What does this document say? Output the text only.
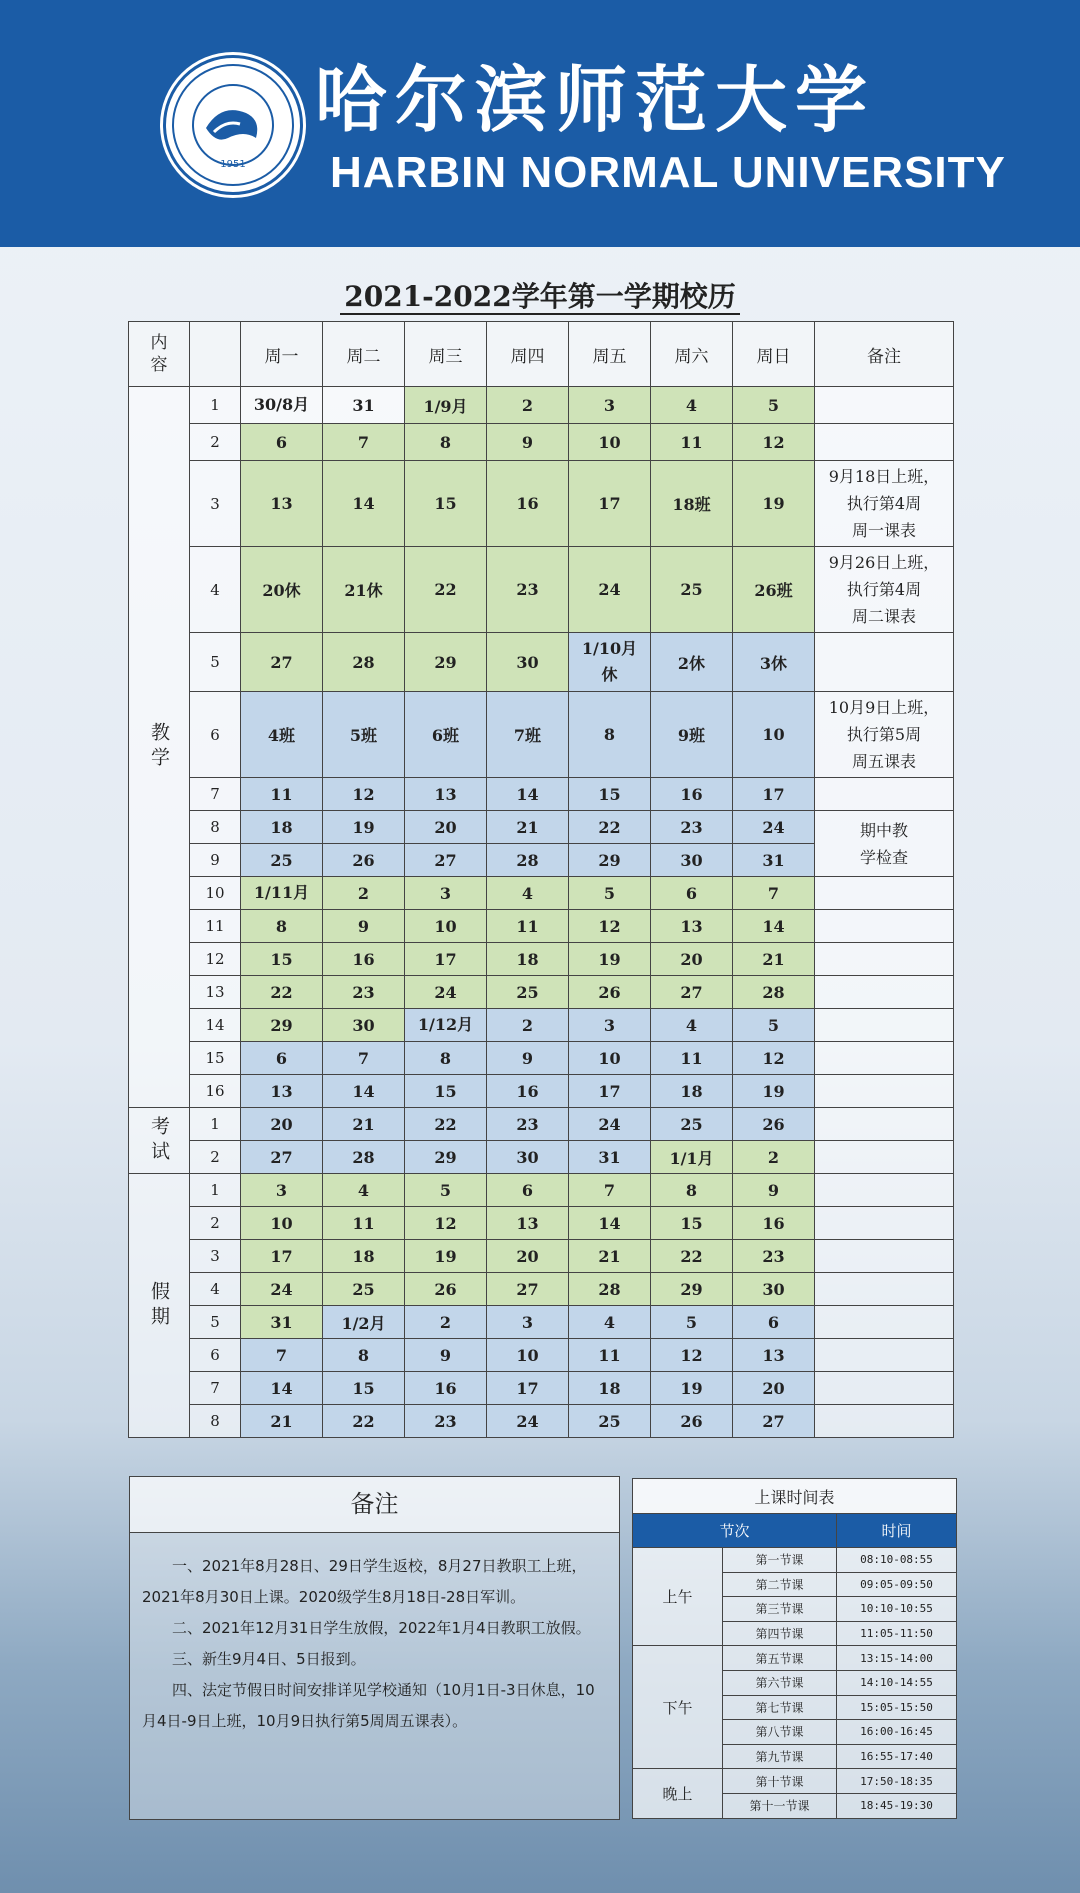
1951
哈尔滨师范大学
HARBIN NORMAL UNIVERSITY
2021-2022学年第一学期校历
内容		周一	周二	周三	周四	周五	周六	周日	备注
教学	1	30/8月	31	1/9月	2	3	4	5	
	2	6	7	8	9	10	11	12	
	3	13	14	15	16	17	18班	19	9月18日上班，
执行第4周
周一课表

	4	20休	21休	22	23	24	25	26班	9月26日上班，
执行第4周
周二课表

	5	27	28	29	30	1/10月休	2休	3休	
	6	4班	5班	6班	7班	8	9班	10	10月9日上班，
执行第5周
周五课表

	7	11	12	13	14	15	16	17	
	8	18	19	20	21	22	23	24	期中教
学检查

	9	25	26	27	28	29	30	31	
	10	1/11月	2	3	4	5	6	7	
	11	8	9	10	11	12	13	14	
	12	15	16	17	18	19	20	21	
	13	22	23	24	25	26	27	28	
	14	29	30	1/12月	2	3	4	5	
	15	6	7	8	9	10	11	12	
	16	13	14	15	16	17	18	19	
考试	1	20	21	22	23	24	25	26	
	2	27	28	29	30	31	1/1月	2	
假期	1	3	4	5	6	7	8	9	
	2	10	11	12	13	14	15	16	
	3	17	18	19	20	21	22	23	
	4	24	25	26	27	28	29	30	
	5	31	1/2月	2	3	4	5	6	
	6	7	8	9	10	11	12	13	
	7	14	15	16	17	18	19	20	
	8	21	22	23	24	25	26	27	
备注

一、2021年8月28日、29日学生返校，8月27日教职工上班，2021年8月30日上课。2020级学生8月18日-28日军训。

二、2021年12月31日学生放假，2022年1月4日教职工放假。

三、新生9月4日、5日报到。

四、法定节假日时间安排详见学校通知（10月1日-3日休息，10月4日-9日上班，10月9日执行第5周周五课表）。

上课时间表		
节次		时间
上午	第一节课	08:10-08:55
	第二节课	09:05-09:50
	第三节课	10:10-10:55
	第四节课	11:05-11:50
下午	第五节课	13:15-14:00
	第六节课	14:10-14:55
	第七节课	15:05-15:50
	第八节课	16:00-16:45
	第九节课	16:55-17:40
晚上	第十节课	17:50-18:35
	第十一节课	18:45-19:30
